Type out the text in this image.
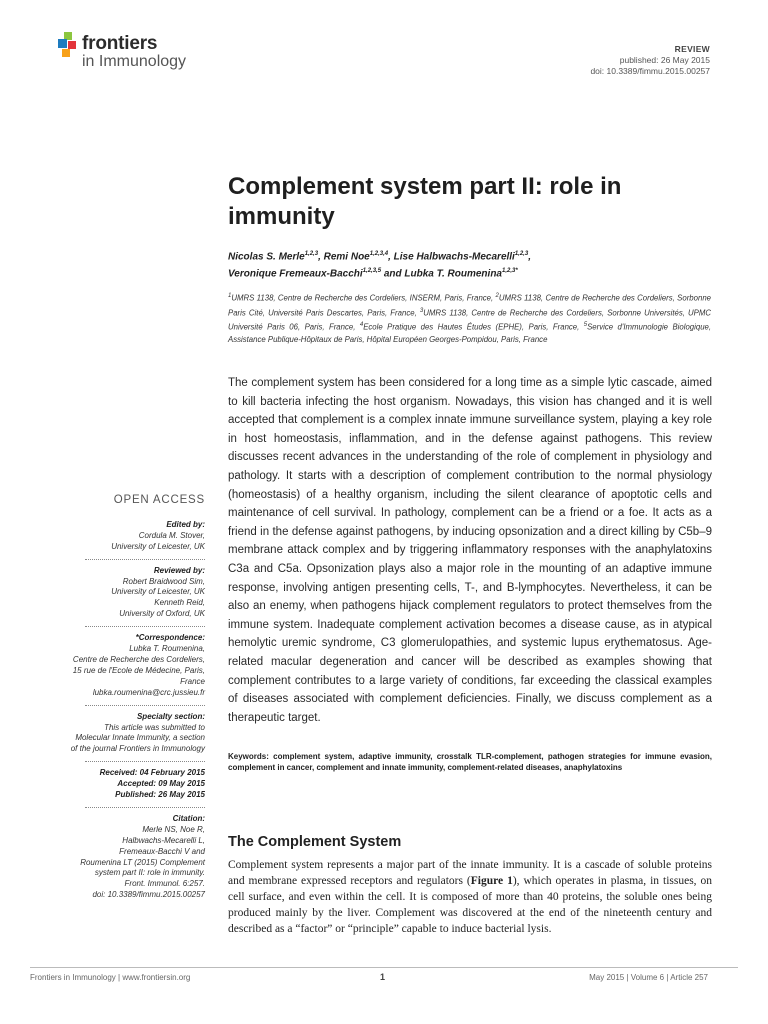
frontiers
in Immunology
REVIEW
published: 26 May 2015
doi: 10.3389/fimmu.2015.00257
Complement system part II: role in immunity
Nicolas S. Merle$^{1,2,3}$, Remi Noe$^{1,2,3,4}$, Lise Halbwachs-Mecarelli$^{1,2,3}$,
Veronique Fremeaux-Bacchi$^{1,2,3,5}$ and Lubka T. Roumenina$^{1,2,3*}$
$^1$UMRS 1138, Centre de Recherche des Cordeliers, INSERM, Paris, France, $^2$UMRS 1138, Centre de Recherche des Cordeliers, Sorbonne Paris Cité, Université Paris Descartes, Paris, France, $^3$UMRS 1138, Centre de Recherche des Cordeliers, Sorbonne Universités, UPMC Université Paris 06, Paris, France, $^4$Ecole Pratique des Hautes Études (EPHE), Paris, France, $^5$Service d'Immunologie Biologique, Assistance Publique-Hôpitaux de Paris, Hôpital Européen Georges-Pompidou, Paris, France
The complement system has been considered for a long time as a simple lytic cascade, aimed to kill bacteria infecting the host organism. Nowadays, this vision has changed and it is well accepted that complement is a complex innate immune surveillance system, playing a key role in host homeostasis, inflammation, and in the defense against pathogens. This review discusses recent advances in the understanding of the role of complement in physiology and pathology. It starts with a description of complement contribution to the normal physiology (homeostasis) of a healthy organism, including the silent clearance of apoptotic cells and maintenance of cell survival. In pathology, complement can be a friend or a foe. It acts as a friend in the defense against pathogens, by inducing opsonization and a direct killing by C5b–9 membrane attack complex and by triggering inflammatory responses with the anaphylatoxins C3a and C5a. Opsonization plays also a major role in the mounting of an adaptive immune response, involving antigen presenting cells, T-, and B-lymphocytes. Nevertheless, it can be also an enemy, when pathogens hijack complement regulators to protect themselves from the immune system. Inadequate complement activation becomes a disease cause, as in atypical hemolytic uremic syndrome, C3 glomerulopathies, and systemic lupus erythematosus. Age-related macular degeneration and cancer will be described as examples showing that complement contributes to a large variety of conditions, far exceeding the classical examples of diseases associated with complement deficiencies. Finally, we discuss complement as a therapeutic target.
Keywords: complement system, adaptive immunity, crosstalk TLR-complement, pathogen strategies for immune evasion, complement in cancer, complement and innate immunity, complement-related diseases, anaphylatoxins
The Complement System
Complement system represents a major part of the innate immunity. It is a cascade of soluble proteins and membrane expressed receptors and regulators (Figure 1), which operates in plasma, in tissues, on cell surface, and even within the cell. It is composed of more than 40 proteins, the soluble ones being produced mainly by the liver. Complement was discovered at the end of the nineteenth century and described as a “factor” or “principle” capable to induce bacterial lysis.
OPEN ACCESS
Edited by:
Cordula M. Stover,
University of Leicester, UK
Reviewed by:
Robert Braidwood Sim,
University of Leicester, UK
Kenneth Reid,
University of Oxford, UK
*Correspondence:
Lubka T. Roumenina,
Centre de Recherche des Cordeliers,
15 rue de l'Ecole de Médecine, Paris,
France
lubka.roumenina@crc.jussieu.fr
Specialty section:
This article was submitted to
Molecular Innate Immunity, a section
of the journal Frontiers in Immunology
Received: 04 February 2015
Accepted: 09 May 2015
Published: 26 May 2015
Citation:
Merle NS, Noe R,
Halbwachs-Mecarelli L,
Fremeaux-Bacchi V and
Roumenina LT (2015) Complement
system part II: role in immunity.
Front. Immunol. 6:257.
doi: 10.3389/fimmu.2015.00257
Frontiers in Immunology | www.frontiersin.org	1	May 2015 | Volume 6 | Article 257
